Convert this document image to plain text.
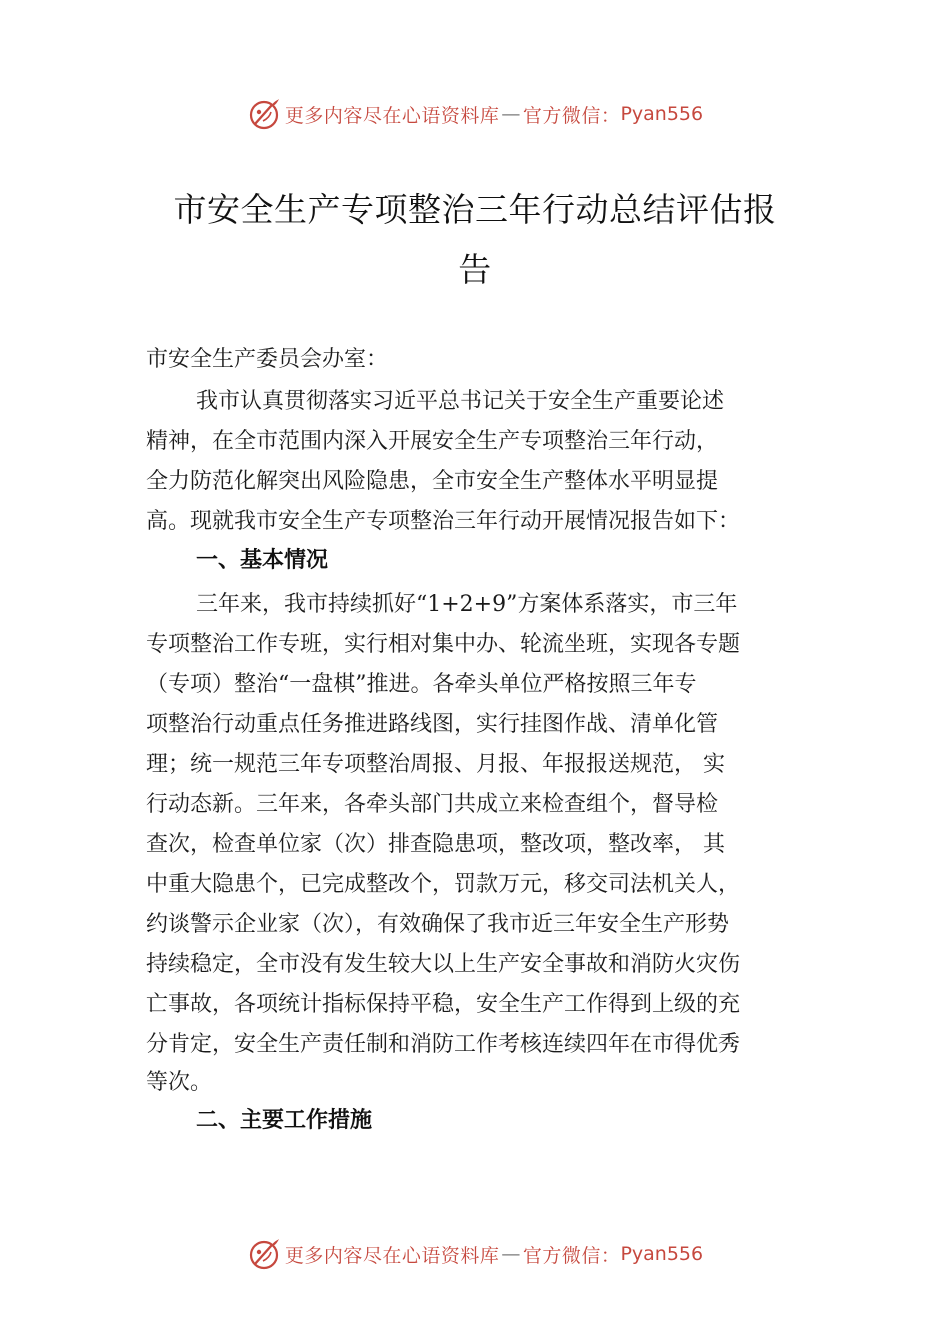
更多内容尽在心语资料库 — 官方微信： Pyan556
市安全生产专项整治三年行动总结评估报
告
市安全生产委员会办室：
我市认真贯彻落实习近平总书记关于安全生产重要论述
精神，在全市范围内深入开展安全生产专项整治三年行动，
全力防范化解突出风险隐患，全市安全生产整体水平明显提
高。现就我市安全生产专项整治三年行动开展情况报告如下：
一、基本情况
三年来，我市持续抓好“1+2+9”方案体系落实，市三年
专项整治工作专班，实行相对集中办、轮流坐班，实现各专题
（专项）整治“一盘棋”推进。各牵头单位严格按照三年专
项整治行动重点任务推进路线图，实行挂图作战、清单化管
理；统一规范三年专项整治周报、月报、年报报送规范， 实
行动态新。三年来，各牵头部门共成立来检查组个，督导检
查次，检查单位家（次）排查隐患项，整改项，整改率， 其
中重大隐患个，已完成整改个，罚款万元，移交司法机关人，
约谈警示企业家（次），有效确保了我市近三年安全生产形势
持续稳定，全市没有发生较大以上生产安全事故和消防火灾伤
亡事故，各项统计指标保持平稳，安全生产工作得到上级的充
分肯定，安全生产责任制和消防工作考核连续四年在市得优秀
等次。
二、主要工作措施
更多内容尽在心语资料库 — 官方微信： Pyan556
